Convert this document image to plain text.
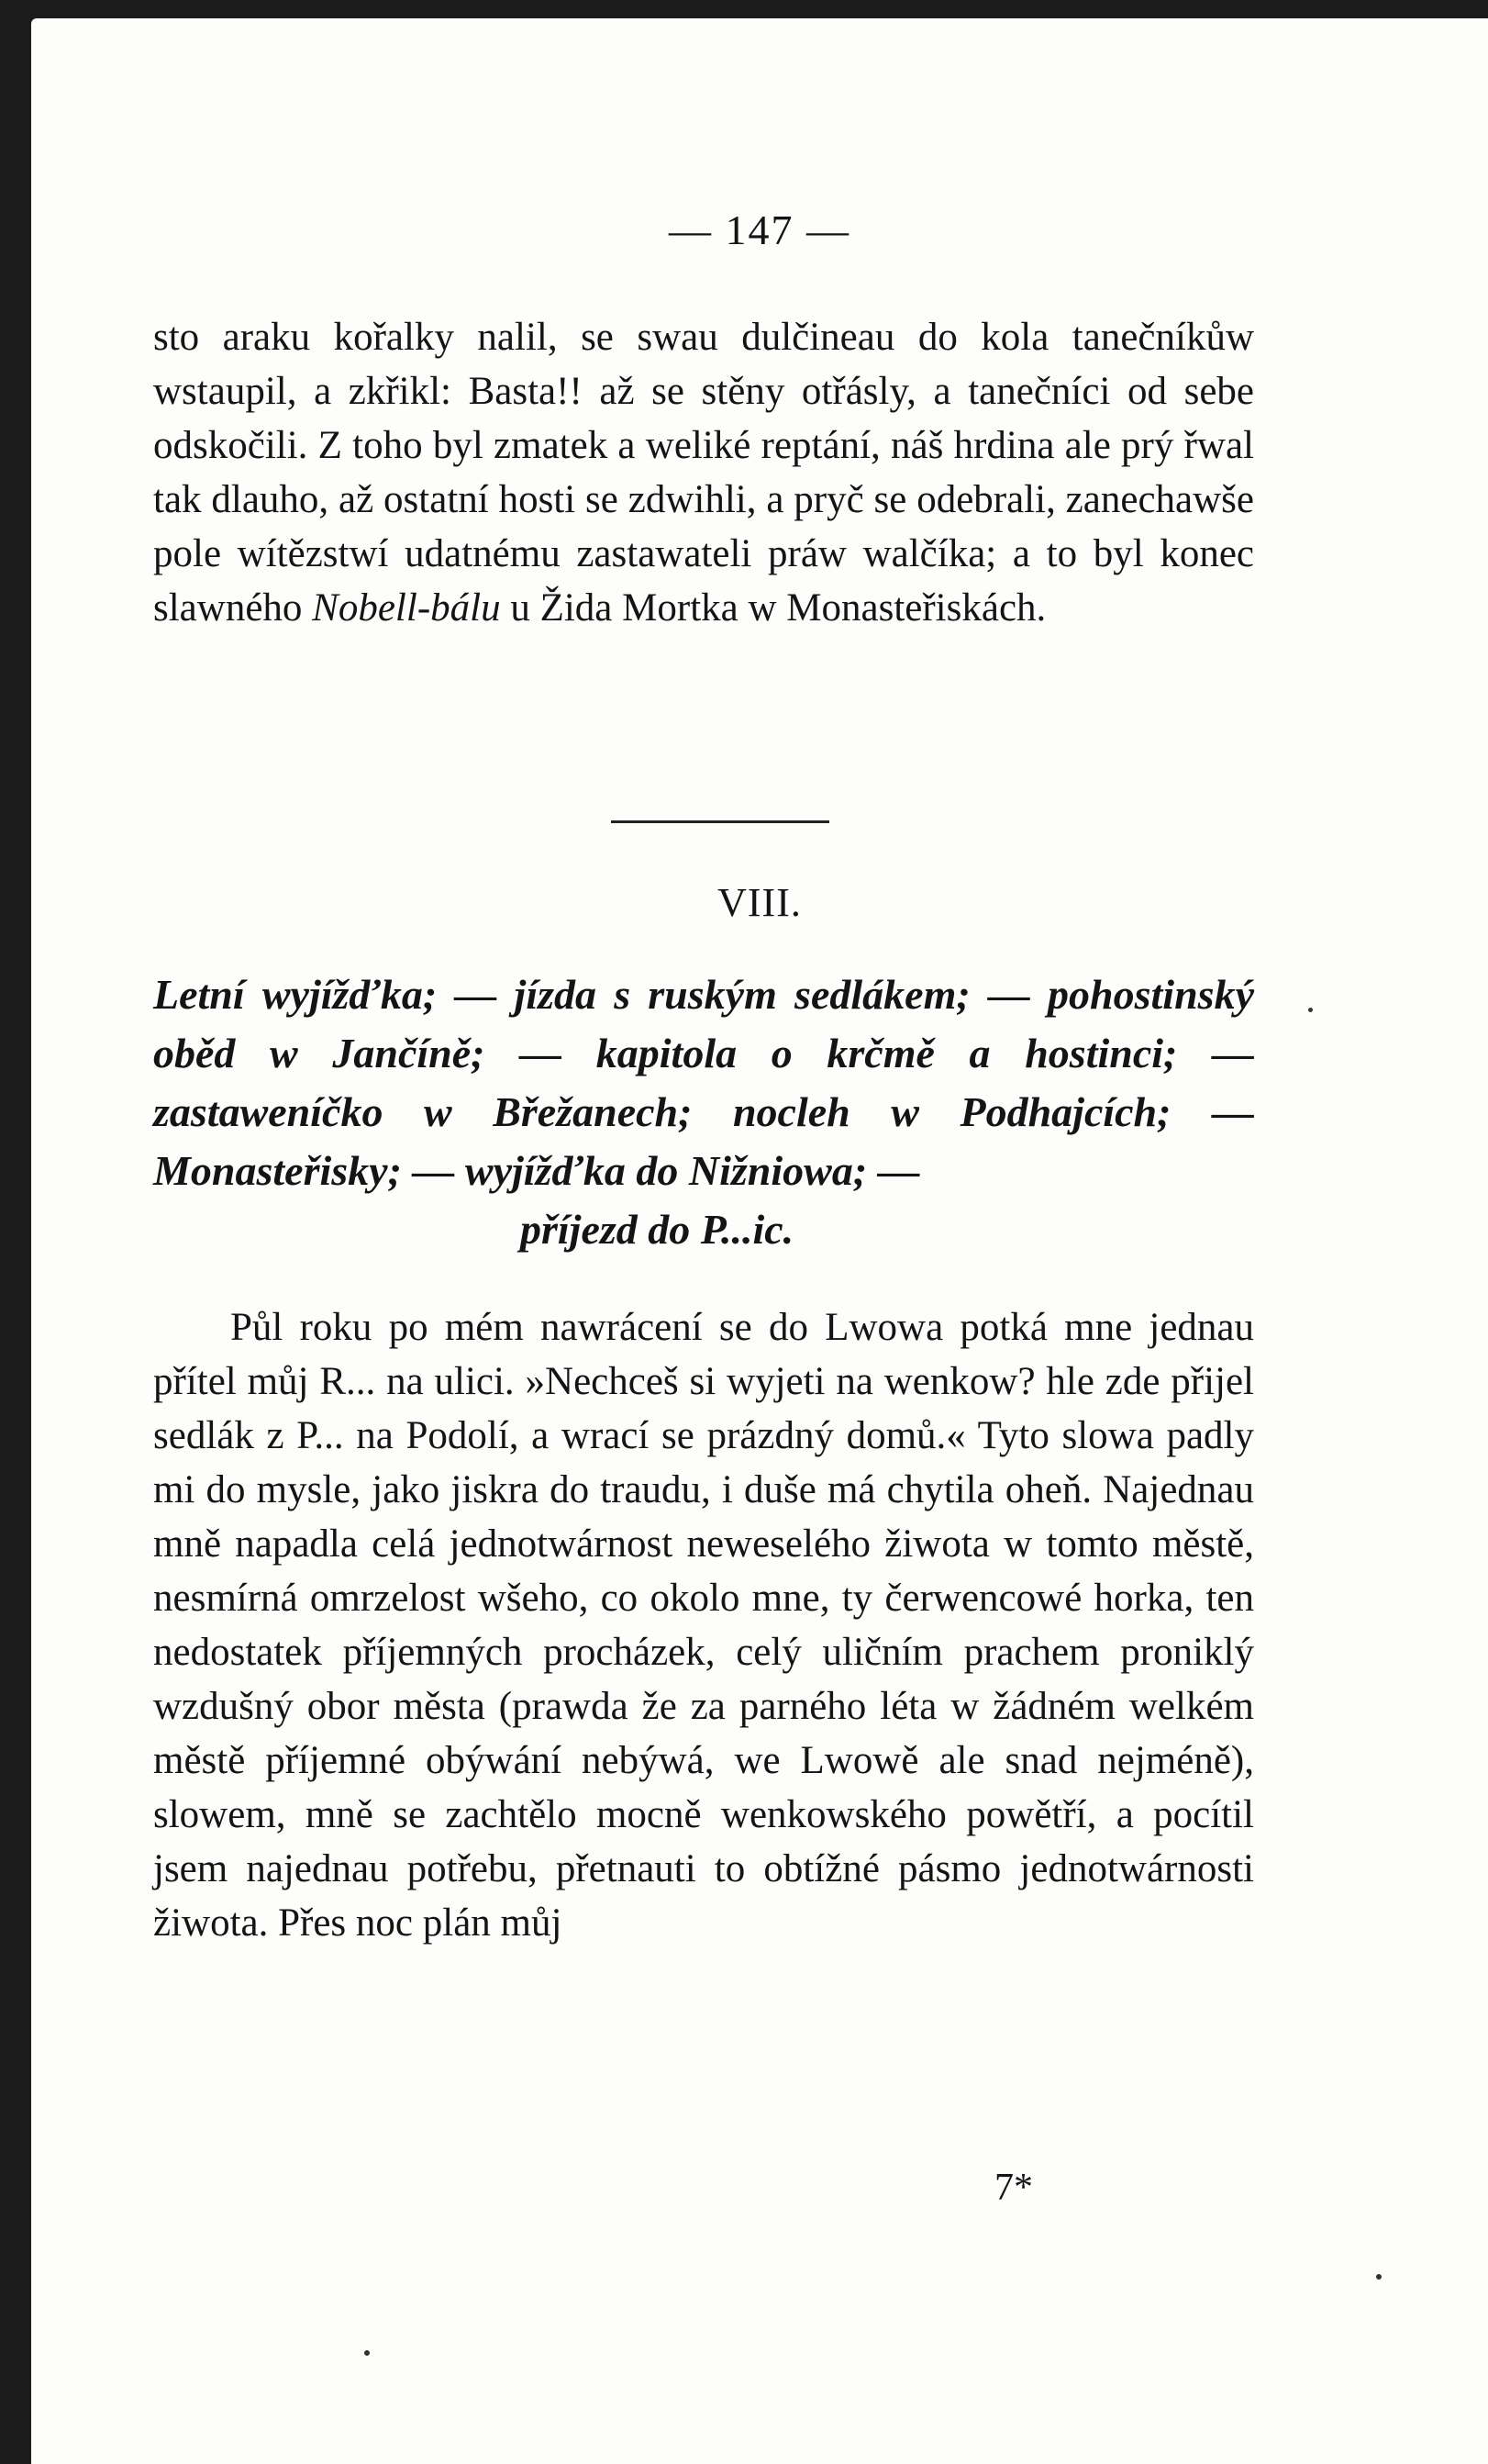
— 147 —

sto araku kořalky nalil, se swau dulčineau do kola tanečníkůw wstaupil, a zkřikl: Basta!! až se stěny otřásly, a tanečníci od sebe odskočili. Z toho byl zmatek a weliké reptání, náš hrdina ale prý řwal tak dlauho, až ostatní hosti se zdwihli, a pryč se odebrali, zanechawše pole wítězstwí udatnému zastawateli práw walčíka; a to byl konec slawného Nobell-bálu u Žida Mortka w Monasteřiskách.

VIII.
Letní wyjížďka; — jízda s ruským sedlákem; — pohostinský oběd w Jančíně; — kapitola o krčmě a hostinci; — zastaweníčko w Břežanech; nocleh w Podhajcích; — Monasteřisky; — wyjížďka do Nižniowa; —
příjezd do P...ic.

Půl roku po mém nawrácení se do Lwowa potká mne jednau přítel můj R... na ulici. »Nechceš si wyjeti na wenkow? hle zde přijel sedlák z P... na Podolí, a wrací se prázdný domů.« Tyto slowa padly mi do mysle, jako jiskra do traudu, i duše má chytila oheň. Najednau mně napadla celá jednotwárnost neweselého žiwota w tomto městě, nesmírná omrzelost wšeho, co okolo mne, ty čerwencowé horka, ten nedostatek příjemných procházek, celý uličním prachem proniklý wzdušný obor města (prawda že za parného léta w žádném welkém městě příjemné obýwání nebýwá, we Lwowě ale snad nejméně), slowem, mně se zachtělo mocně wenkowského powětří, a pocítil jsem najednau potřebu, přetnauti to obtížné pásmo jednotwárnosti žiwota. Přes noc plán můj

7*
